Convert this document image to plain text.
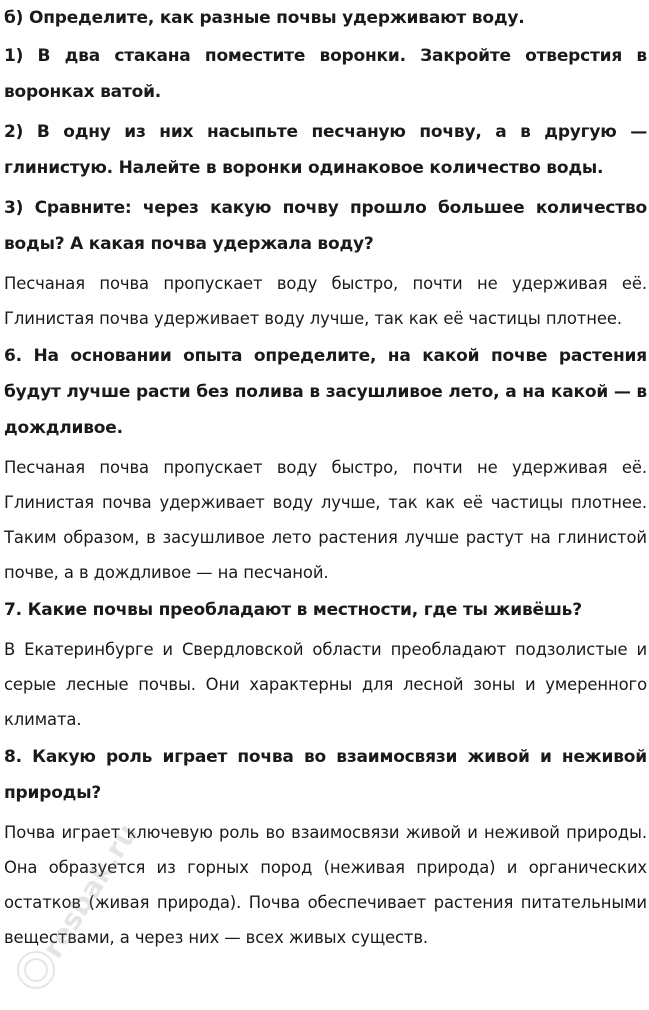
б) Определите, как разные почвы удерживают воду.

1) В два стакана поместите воронки. Закройте отверстия в воронках ватой.

2) В одну из них насыпьте песчаную почву, а в другую — глинистую. Налейте в воронки одинаковое количество воды.

3) Сравните: через какую почву прошло большее количество воды? А какая почва удержала воду?

Песчаная почва пропускает воду быстро, почти не удерживая её. Глинистая почва удерживает воду лучше, так как её частицы плотнее.

6. На основании опыта определите, на какой почве растения будут лучше расти без полива в засушливое лето, а на какой — в дождливое.

Песчаная почва пропускает воду быстро, почти не удерживая её. Глинистая почва удерживает воду лучше, так как её частицы плотнее. Таким образом, в засушливое лето растения лучше растут на глинистой почве, а в дождливое — на песчаной.

7. Какие почвы преобладают в местности, где ты живёшь?

В Екатеринбурге и Свердловской области преобладают подзолистые и серые лесные почвы. Они характерны для лесной зоны и умеренного климата.

8. Какую роль играет почва во взаимосвязи живой и неживой природы?

Почва играет ключевую роль во взаимосвязи живой и неживой природы. Она образуется из горных пород (неживая природа) и органических остатков (живая природа). Почва обеспечивает растения питательными веществами, а через них — всех живых существ.

resbak.ru
